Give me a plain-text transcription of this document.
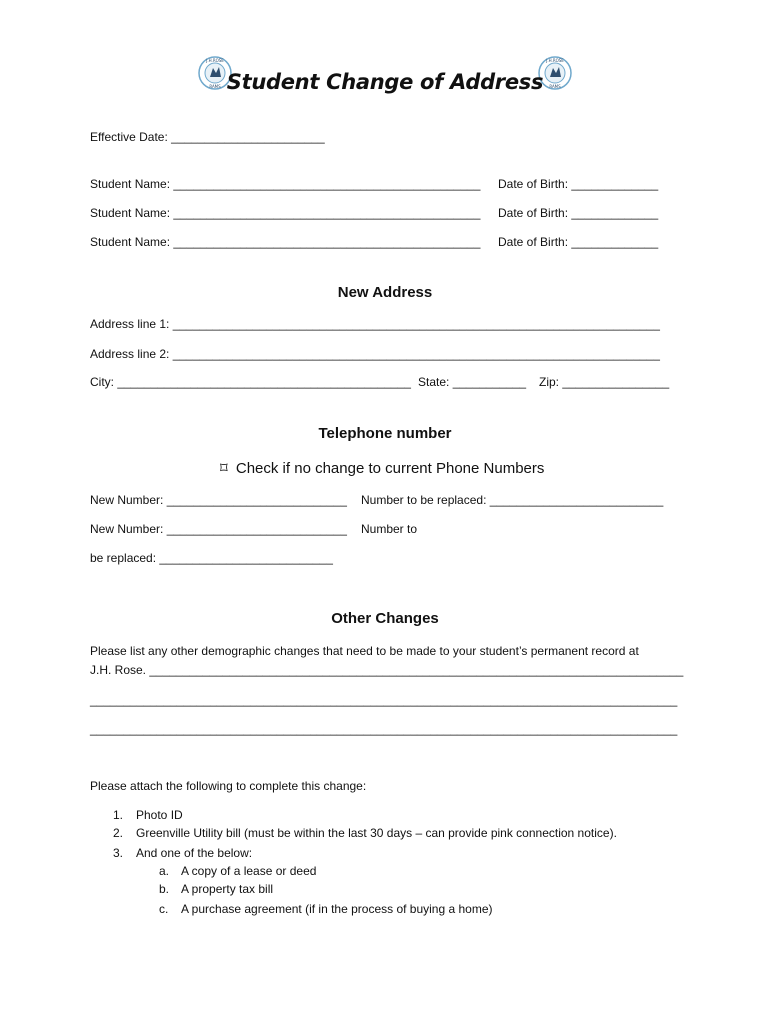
J.H.ROSE
RAMS
J.H.ROSE
RAMS
Student Change of Address
Effective Date: _______________________
Student Name: ______________________________________________ Date of Birth: _____________
Student Name: ______________________________________________ Date of Birth: _____________
Student Name: ______________________________________________ Date of Birth: _____________
New Address
Address line 1: _________________________________________________________________________
Address line 2: _________________________________________________________________________
City: ____________________________________________ State: ___________ Zip: ________________
Telephone number
⌑ Check if no change to current Phone Numbers
New Number: ___________________________ Number to be replaced: __________________________
New Number: ___________________________ Number to
be replaced: __________________________
Other Changes
Please list any other demographic changes that need to be made to your student’s permanent record at
J.H. Rose. ________________________________________________________________________________
________________________________________________________________________________________
________________________________________________________________________________________
Please attach the following to complete this change:
1. Photo ID
2. Greenville Utility bill (must be within the last 30 days – can provide pink connection notice).
3. And one of the below:
a. A copy of a lease or deed
b. A property tax bill
c. A purchase agreement (if in the process of buying a home)
